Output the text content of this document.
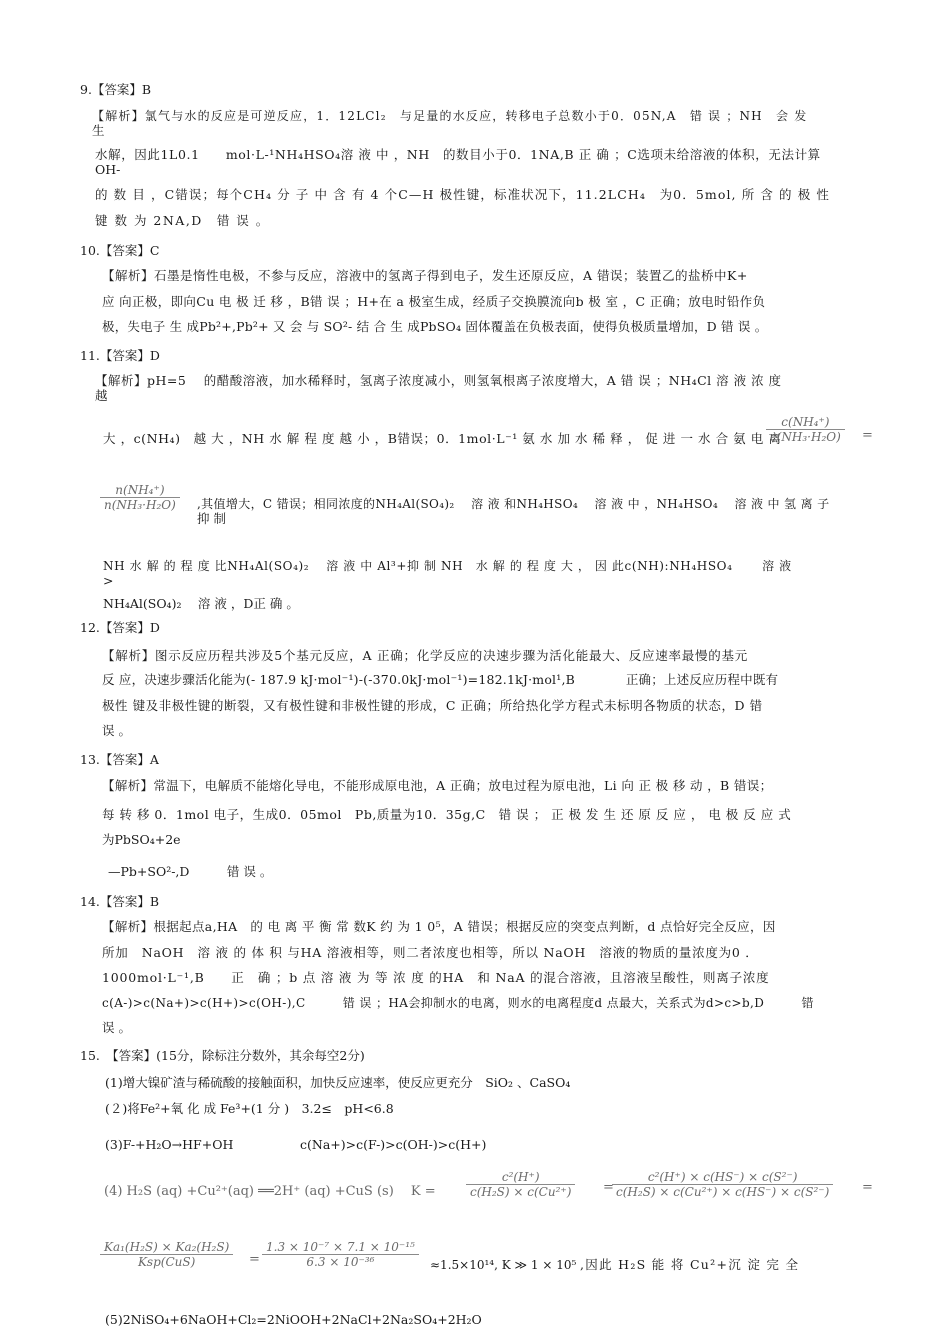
9.【答案】B
【解析】氯气与水的反应是可逆反应，1．12LCl₂　与足量的水反应，转移电子总数小于0．05N,A　错 误 ；NH　会 发
生
水解，因此1L0.1　　mol·L-¹NH₄HSO₄溶 液 中 ，NH　的数目小于0．1NA,B 正 确 ；C选项未给溶液的体积，无法计算
OH-
的 数 目 ，C错误；每个CH₄ 分 子 中 含 有 4 个C—H 极性键，标准状况下，11.2LCH₄　为0．5mol, 所 含 的 极 性
键 数 为 2NA,D　错 误 。
10.【答案】C
【解析】石墨是惰性电极，不参与反应，溶液中的氢离子得到电子，发生还原反应，A 错误；装置乙的盐桥中K+
应 向正极，即向Cu 电 极 迁 移 ，B错 误 ；H+在 a 极室生成，经质子交换膜流向b 极 室 ，C 正确；放电时铅作负
极，失电子 生 成Pb²+,Pb²+ 又 会 与 SO²- 结 合 生 成PbSO₄ 固体覆盖在负极表面，使得负极质量增加，D 错 误 。
11.【答案】D
【解析】pH=5　 的醋酸溶液，加水稀释时，氢离子浓度减小，则氢氧根离子浓度增大，A 错 误 ；NH₄Cl 溶 液 浓 度
越
大 ，c(NH₄)　越 大 ，NH 水 解 程 度 越 小 ，B错误；0．1mol·L⁻¹ 氨 水 加 水 稀 释 ， 促 进 一 水 合 氨 电 离
$\frac{\text{c(NH₄⁺)}}{\text{c(NH₃·H₂O)}}$ =
$\frac{\text{n(NH₄⁺)}}{\text{n(NH₃·H₂O)}}$ ,其值增大，C 错误；相同浓度的NH₄Al(SO₄)₂　 溶 液 和NH₄HSO₄　 溶 液 中 ，NH₄HSO₄　 溶 液 中 氢 离 子
抑 制
NH 水 解 的 程 度 比NH₄Al(SO₄)₂　 溶 液 中 Al³+抑 制 NH　水 解 的 程 度 大 ， 因 此c(NH):NH₄HSO₄　　 溶 液
>
NH₄Al(SO₄)₂　 溶 液 ，D正 确 。
12.【答案】D
【解析】图示反应历程共涉及5个基元反应，A 正确；化学反应的决速步骤为活化能最大、反应速率最慢的基元
反 应，决速步骤活化能为(- 187.9 kJ·mol⁻¹)-(-370.0kJ·mol⁻¹)=182.1kJ·mol¹,B　　　　正确；上述反应历程中既有
极性 键及非极性键的断裂，又有极性键和非极性键的形成，C 正确；所给热化学方程式未标明各物质的状态，D 错
误 。
13.【答案】A
【解析】常温下，电解质不能熔化导电，不能形成原电池，A 正确；放电过程为原电池，Li 向 正 极 移 动 ，B 错误；
每 转 移 0．1mol 电子，生成0．05mol　Pb,质量为10．35g,C　错 误 ； 正 极 发 生 还 原 反 应 ， 电 极 反 应 式
为PbSO₄+2e
—Pb+SO²-,D　　　错 误 。
14.【答案】B
【解析】根据起点a,HA　的 电 离 平 衡 常 数K 约 为 1 0⁵，A 错误；根据反应的突变点判断，d 点恰好完全反应，因
所加　NaOH　溶 液 的 体 积 与HA 溶液相等，则二者浓度也相等，所以 NaOH　溶液的物质的量浓度为0 ．
1000mol·L⁻¹,B　　正　确 ；b 点 溶 液 为 等 浓 度 的HA　和 NaA 的混合溶液，且溶液呈酸性，则离子浓度
c(A-)>c(Na+)>c(H+)>c(OH-),C　　　错 误 ；HA会抑制水的电离，则水的电离程度d 点最大，关系式为d>c>b,D　　　错
误 。
15.　【答案】(15分，除标注分数外，其余每空2分)
(1)增大镍矿渣与稀硫酸的接触面积，加快反应速率，使反应更充分　SiO₂ 、CaSO₄
(２)将Fe²+氧 化 成 Fe³+(1 分 )　3.2≤　pH<6.8
(3)F-+H₂O→HF+OH	c(Na+)>c(F-)>c(OH-)>c(H+)
(4) H₂S (aq) +Cu²⁺(aq) ══2H⁺ (aq) +CuS (s)　 K =	$\frac{\text{c²(H⁺)}}{\text{c(H₂S) × c(Cu²⁺)}}$ =
$\frac{\text{c²(H⁺) × c(HS⁻) × c(S²⁻)}}{\text{c(H₂S) × c(Cu²⁺) × c(HS⁻) × c(S²⁻)}}$ =
Ka₁(H₂S) × Ka₂(H₂S)
Ksp(CuS)	= $\frac{\text{1.3 × 10⁻⁷ × 7.1 × 10⁻¹⁵}}{\text{6.3 × 10⁻³⁶}} \approx 1.5\times 10^{14}$, K ≫ 1 × 10⁵ ,因此 H₂S 能 将 Cu²+沉 淀 完 全
(5)2NiSO₄+6NaOH+Cl₂=2NiOOH+2NaCl+2Na₂SO₄+2H₂O
